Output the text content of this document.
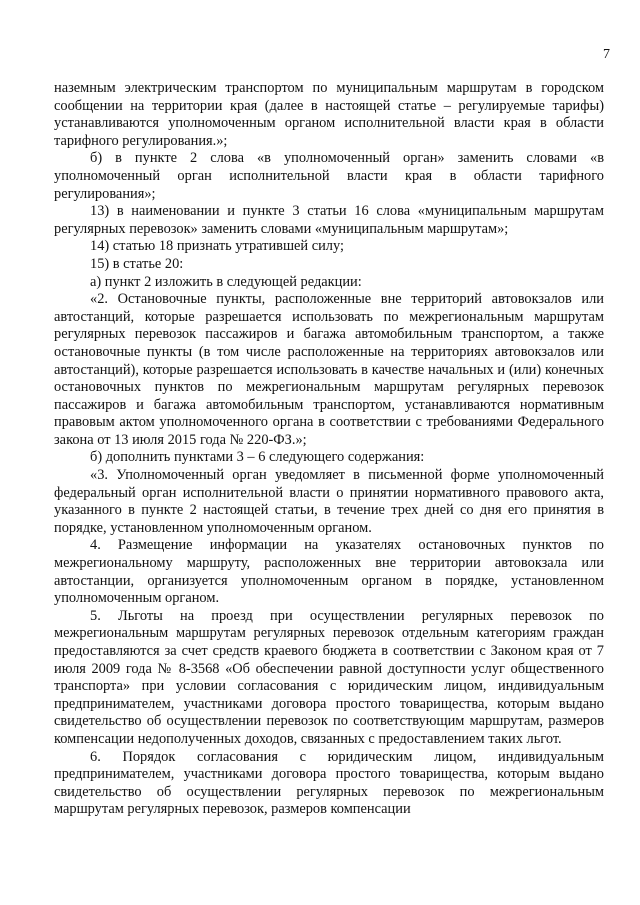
7

наземным электрическим транспортом по муниципальным маршрутам в городском сообщении на территории края (далее в настоящей статье – регулируемые тарифы) устанавливаются уполномоченным органом исполнительной власти края в области тарифного регулирования.»;

б) в пункте 2 слова «в уполномоченный орган» заменить словами «в уполномоченный орган исполнительной власти края в области тарифного регулирования»;

13) в наименовании и пункте 3 статьи 16 слова «муниципальным маршрутам регулярных перевозок» заменить словами «муниципальным маршрутам»;

14) статью 18 признать утратившей силу;

15) в статье 20:

а) пункт 2 изложить в следующей редакции:

«2. Остановочные пункты, расположенные вне территорий автовокзалов или автостанций, которые разрешается использовать по межрегиональным маршрутам регулярных перевозок пассажиров и багажа автомобильным транспортом, а также остановочные пункты (в том числе расположенные на территориях автовокзалов или автостанций), которые разрешается использовать в качестве начальных и (или) конечных остановочных пунктов по межрегиональным маршрутам регулярных перевозок пассажиров и багажа автомобильным транспортом, устанавливаются нормативным правовым актом уполномоченного органа в соответствии с требованиями Федерального закона от 13 июля 2015 года № 220-ФЗ.»;

б) дополнить пунктами 3 – 6 следующего содержания:

«3. Уполномоченный орган уведомляет в письменной форме уполномоченный федеральный орган исполнительной власти о принятии нормативного правового акта, указанного в пункте 2 настоящей статьи, в течение трех дней со дня его принятия в порядке, установленном уполномоченным органом.

4. Размещение информации на указателях остановочных пунктов по межрегиональному маршруту, расположенных вне территории автовокзала или автостанции, организуется уполномоченным органом в порядке, установленном уполномоченным органом.

5. Льготы на проезд при осуществлении регулярных перевозок по межрегиональным маршрутам регулярных перевозок отдельным категориям граждан предоставляются за счет средств краевого бюджета в соответствии с Законом края от 7 июля 2009 года № 8-3568 «Об обеспечении равной доступности услуг общественного транспорта» при условии согласования с юридическим лицом, индивидуальным предпринимателем, участниками договора простого товарищества, которым выдано свидетельство об осуществлении перевозок по соответствующим маршрутам, размеров компенсации недополученных доходов, связанных с предоставлением таких льгот.

6. Порядок согласования с юридическим лицом, индивидуальным предпринимателем, участниками договора простого товарищества, которым выдано свидетельство об осуществлении регулярных перевозок по межрегиональным маршрутам регулярных перевозок, размеров компенсации
